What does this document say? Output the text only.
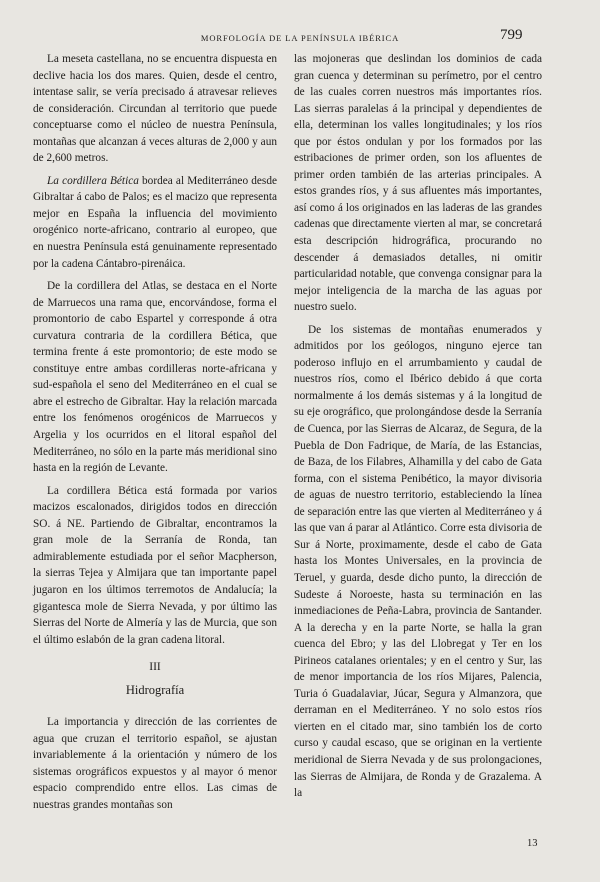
MORFOLOGÍA DE LA PENÍNSULA IBÉRICA	799

La meseta castellana, no se encuentra dispuesta en declive hacia los dos mares. Quien, desde el centro, intentase salir, se vería precisado á atravesar relieves de consideración. Circundan al territorio que puede conceptuarse como el núcleo de nuestra Península, montañas que alcanzan á veces alturas de 2,000 y aun de 2,600 metros.

La cordillera Bética bordea al Mediterráneo desde Gibraltar á cabo de Palos; es el macizo que representa mejor en España la influencia del movimiento orogénico norte-africano, contrario al europeo, que en nuestra Península está genuinamente representado por la cadena Cántabro-pirenáica.

De la cordillera del Atlas, se destaca en el Norte de Marruecos una rama que, encorvándose, forma el promontorio de cabo Espartel y corresponde á otra curvatura contraria de la cordillera Bética, que termina frente á este promontorio; de este modo se constituye entre ambas cordilleras norte-africana y sud-española el seno del Mediterráneo en el cual se abre el estrecho de Gibraltar. Hay la relación marcada entre los fenómenos orogénicos de Marruecos y Argelia y los ocurridos en el litoral español del Mediterráneo, no sólo en la parte más meridional sino hasta en la región de Levante.

La cordillera Bética está formada por varios macizos escalonados, dirigidos todos en dirección SO. á NE. Partiendo de Gibraltar, encontramos la gran mole de la Serranía de Ronda, tan admirablemente estudiada por el señor Macpherson, la sierras Tejea y Almijara que tan importante papel jugaron en los últimos terremotos de Andalucía; la gigantesca mole de Sierra Nevada, y por último las Sierras del Norte de Almería y las de Murcia, que son el último eslabón de la gran cadena litoral.

III
Hidrografía

La importancia y dirección de las corrientes de agua que cruzan el territorio español, se ajustan invariablemente á la orientación y número de los sistemas orográficos expuestos y al mayor ó menor espacio comprendido entre ellos. Las cimas de nuestras grandes montañas son

las mojoneras que deslindan los dominios de cada gran cuenca y determinan su perímetro, por el centro de las cuales corren nuestros más importantes ríos. Las sierras paralelas á la principal y dependientes de ella, determinan los valles longitudinales; y los ríos que por éstos ondulan y por los formados por las estribaciones de primer orden, son los afluentes de primer orden también de las arterias principales. A estos grandes ríos, y á sus afluentes más importantes, así como á los originados en las laderas de las grandes cadenas que directamente vierten al mar, se concretará esta descripción hidrográfica, procurando no descender á demasiados detalles, ni omitir particularidad notable, que convenga consignar para la mejor inteligencia de la marcha de las aguas por nuestro suelo.

De los sistemas de montañas enumerados y admitidos por los geólogos, ninguno ejerce tan poderoso influjo en el arrumbamiento y caudal de nuestros ríos, como el Ibérico debido á que corta normalmente á los demás sistemas y á la longitud de su eje orográfico, que prolongándose desde la Serranía de Cuenca, por las Sierras de Alcaraz, de Segura, de la Puebla de Don Fadrique, de María, de las Estancias, de Baza, de los Filabres, Alhamilla y del cabo de Gata forma, con el sistema Penibético, la mayor divisoria de aguas de nuestro territorio, estableciendo la línea de separación entre las que vierten al Mediterráneo y á las que van á parar al Atlántico. Corre esta divisoria de Sur á Norte, proximamente, desde el cabo de Gata hasta los Montes Universales, en la provincia de Teruel, y guarda, desde dicho punto, la dirección de Sudeste á Noroeste, hasta su terminación en las inmediaciones de Peña-Labra, provincia de Santander. A la derecha y en la parte Norte, se halla la gran cuenca del Ebro; y las del Llobregat y Ter en los Pirineos catalanes orientales; y en el centro y Sur, las de menor importancia de los ríos Mijares, Palencia, Turia ó Guadalaviar, Júcar, Segura y Almanzora, que derraman en el Mediterráneo. Y no solo estos ríos vierten en el citado mar, sino también los de corto curso y caudal escaso, que se originan en la vertiente meridional de Sierra Nevada y de sus prolongaciones, las Sierras de Almijara, de Ronda y de Grazalema. A la

13
